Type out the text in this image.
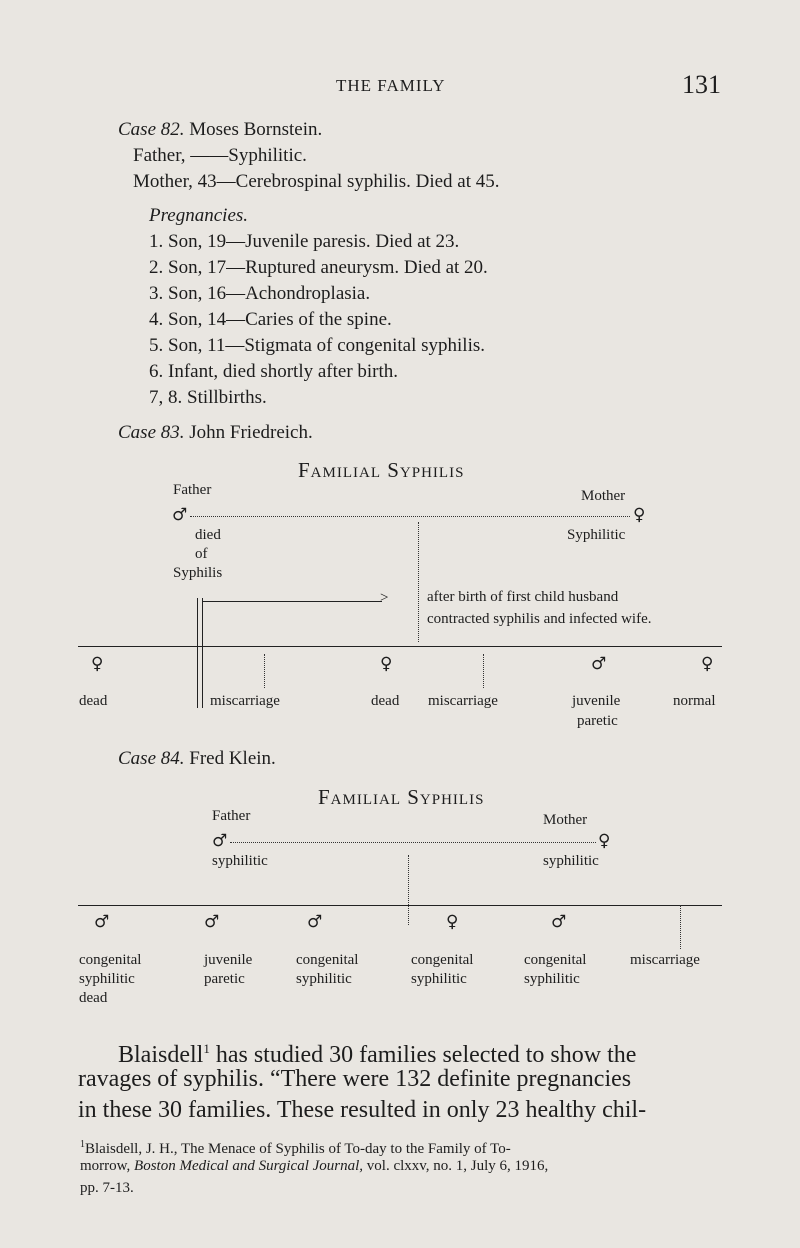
THE FAMILY	131
Case 82. Moses Bornstein.
Father, ——Syphilitic.
Mother, 43—Cerebrospinal syphilis. Died at 45.
Pregnancies.
1. Son, 19—Juvenile paresis. Died at 23.
2. Son, 17—Ruptured aneurysm. Died at 20.
3. Son, 16—Achondroplasia.
4. Son, 14—Caries of the spine.
5. Son, 11—Stigmata of congenital syphilis.
6. Infant, died shortly after birth.
7, 8. Stillbirths.
Case 83. John Friedreich.
Familial Syphilis
Father	Mother
♂	♀
died
of
Syphilis
Syphilitic
>	after birth of first child husband
contracted syphilis and infected wife.
♀
dead	miscarriage
♀
dead miscarriage
♂
juvenile
paretic
♀
normal
Case 84. Fred Klein.
Familial Syphilis
Father	Mother
♂	♀
syphilitic	syphilitic
♂
congenital
syphilitic
dead
♂
juvenile
paretic
♂
congenital
syphilitic
♀
congenital
syphilitic
♂
congenital
syphilitic
miscarriage
Blaisdell$^1$ has studied 30 families selected to show the
ravages of syphilis. “There were 132 definite pregnancies
in these 30 families. These resulted in only 23 healthy chil-
$^1$Blaisdell, J. H., The Menace of Syphilis of To-day to the Family of To-
morrow, Boston Medical and Surgical Journal, vol. clxxv, no. 1, July 6, 1916,
pp. 7-13.
